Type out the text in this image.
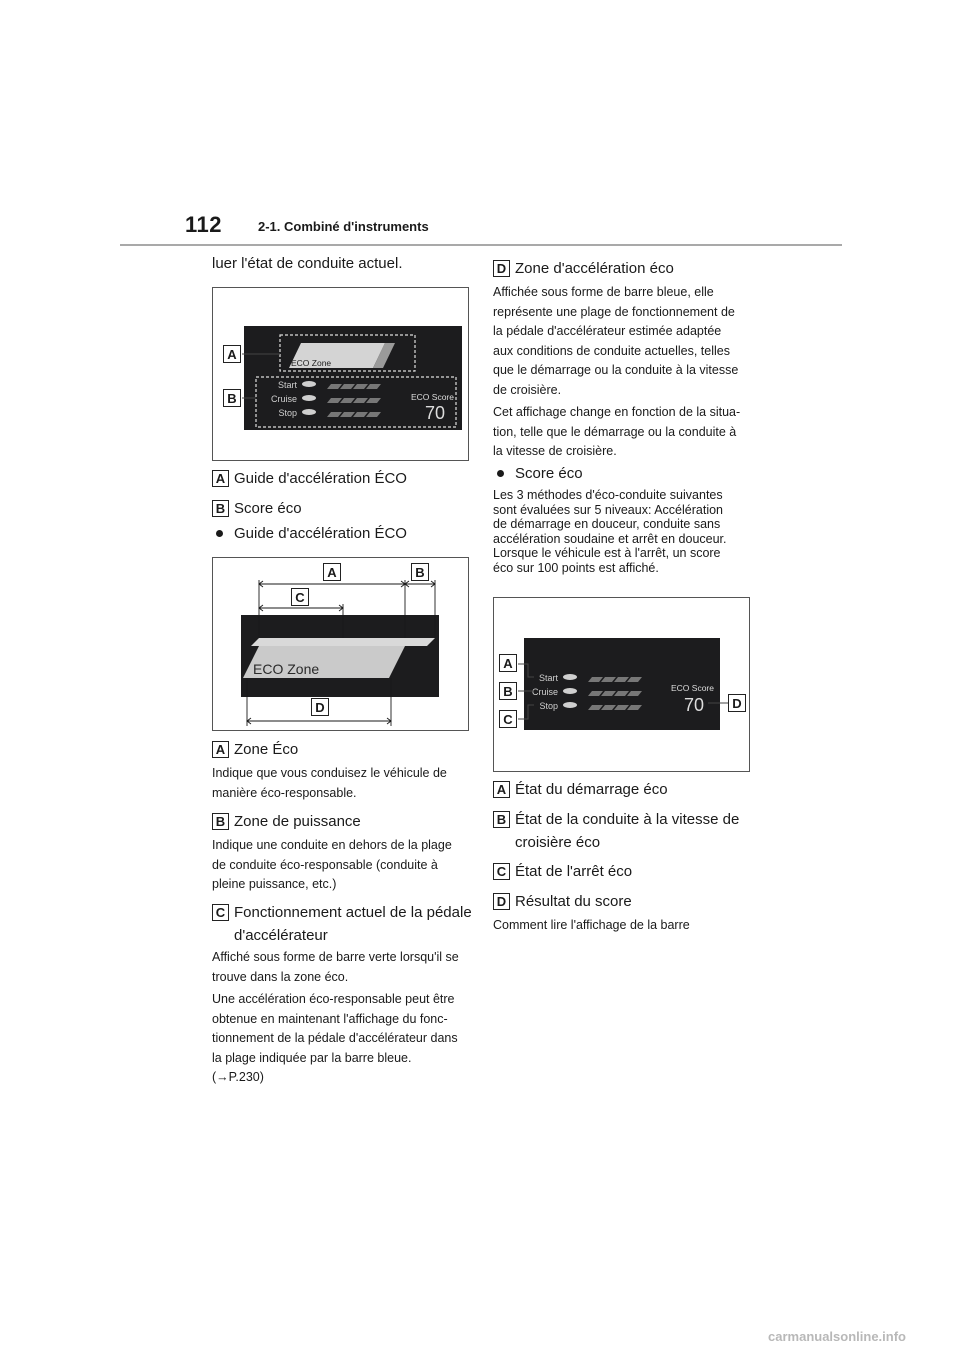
112	2-1. Combiné d'instruments
luer l'état de conduite actuel.
ECO Zone
Start
Cruise
Stop
ECO Score
70
A
B
A Guide d'accélération ÉCO
B Score éco
Guide d'accélération ÉCO
ECO Zone
A	B
C
D
A Zone Éco
Indique que vous conduisez le véhicule de
manière éco-responsable.
B Zone de puissance
Indique une conduite en dehors de la plage
de conduite éco-responsable (conduite à
pleine puissance, etc.)
C Fonctionnement actuel de la pédale
d'accélérateur
Affiché sous forme de barre verte lorsqu'il se
trouve dans la zone éco.
Une accélération éco-responsable peut être
obtenue en maintenant l'affichage du fonc-
tionnement de la pédale d'accélérateur dans
la plage indiquée par la barre bleue.
(→P.230)
D Zone d'accélération éco
Affichée sous forme de barre bleue, elle
représente une plage de fonctionnement de
la pédale d'accélérateur estimée adaptée
aux conditions de conduite actuelles, telles
que le démarrage ou la conduite à la vitesse
de croisière.
Cet affichage change en fonction de la situa-
tion, telle que le démarrage ou la conduite à
la vitesse de croisière.
Score éco
Les 3 méthodes d'éco-conduite suivantes
sont évaluées sur 5 niveaux: Accélération
de démarrage en douceur, conduite sans
accélération soudaine et arrêt en douceur.
Lorsque le véhicule est à l'arrêt, un score
éco sur 100 points est affiché.
Start
Cruise
Stop
ECO Score
70
A
B
C
D
A État du démarrage éco
B État de la conduite à la vitesse de
croisière éco
C État de l'arrêt éco
D Résultat du score
Comment lire l'affichage de la barre
carmanualsonline.info
